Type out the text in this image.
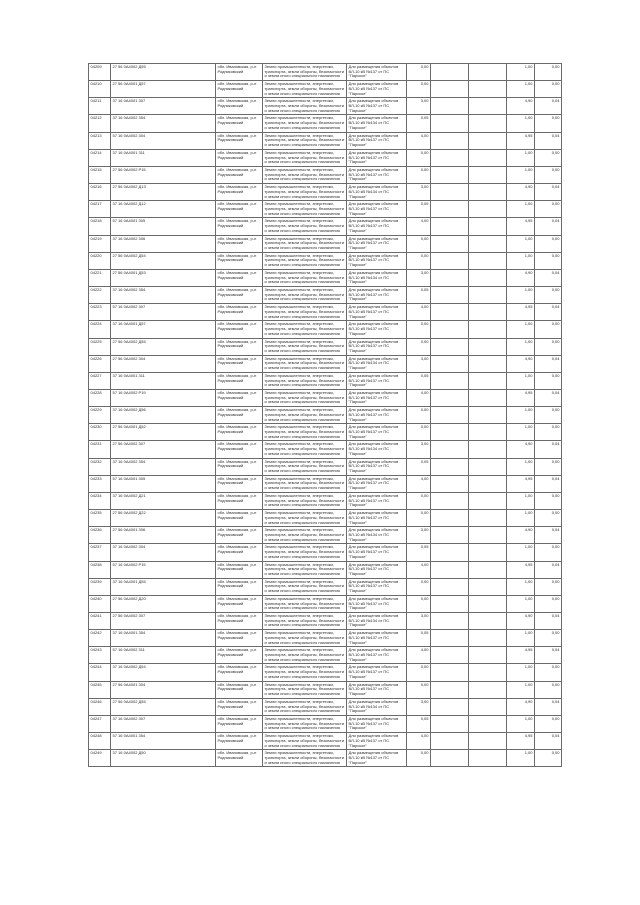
04209	27 56 0А4002 Д55	обл. Ивановская, р-н Родниковский	Земли промышленности, энергетики, транспорта, земли обороны, безопасности и земли иного специального назначения	Для размещения объектов ВЛ-10 кВ №137 от ПС "Парское"	0,00			1,00	0,00
04210	27 56 0А4001 Д57	обл. Ивановская, р-н Родниковский	Земли промышленности, энергетики, транспорта, земли обороны, безопасности и земли иного специального назначения	Для размещения объектов ВЛ-10 кВ №137 от ПС "Парское"	0,00			1,00	0,00
04211	37 16 0А4001 307	обл. Ивановская, р-н Родниковский	Земли промышленности, энергетики, транспорта, земли обороны, безопасности и земли иного специального назначения	Для размещения объектов ВЛ-10 кВ №137 от ПС "Парское"	3,00			4,90	0,04
04212	37 16 0А4002 354	обл. Ивановская, р-н Родниковский	Земли промышленности, энергетики, транспорта, земли обороны, безопасности и земли иного специального назначения	Для размещения объектов ВЛ-10 кВ №134 от ПС "Парское"	0,05			1,00	0,00
04213	57 16 0А4002 304	обл. Ивановская, р-н Родниковский	Земли промышленности, энергетики, транспорта, земли обороны, безопасности и земли иного специального назначения	Для размещения объектов ВЛ-10 кВ №137 от ПС "Парское"	4,00			4,95	0,04
04214	37 16 0А4001 311	обл. Ивановская, р-н Родниковский	Земли промышленности, энергетики, транспорта, земли обороны, безопасности и земли иного специального назначения	Для размещения объектов ВЛ-10 кВ №137 от ПС "Парское"	0,00			1,00	0,00
04215	27 56 0А4002 Р15	обл. Ивановская, р-н Родниковский	Земли промышленности, энергетики, транспорта, земли обороны, безопасности и земли иного специального назначения	Для размещения объектов ВЛ-10 кВ №137 от ПС "Парское"	0,00			1,00	0,00
04216	27 56 0А4002 Д13	обл. Ивановская, р-н Родниковский	Земли промышленности, энергетики, транспорта, земли обороны, безопасности и земли иного специального назначения	Для размещения объектов ВЛ-10 кВ №134 от ПС "Парское"	3,00			4,90	0,04
04217	37 16 0А4002 Д12	обл. Ивановская, р-н Родниковский	Земли промышленности, энергетики, транспорта, земли обороны, безопасности и земли иного специального назначения	Для размещения объектов ВЛ-10 кВ №137 от ПС "Парское"	0,05			1,00	0,00
04218	57 16 0А4001 305	обл. Ивановская, р-н Родниковский	Земли промышленности, энергетики, транспорта, земли обороны, безопасности и земли иного специального назначения	Для размещения объектов ВЛ-10 кВ №137 от ПС "Парское"	4,00			4,95	0,04
04219	37 16 0А4002 306	обл. Ивановская, р-н Родниковский	Земли промышленности, энергетики, транспорта, земли обороны, безопасности и земли иного специального назначения	Для размещения объектов ВЛ-10 кВ №137 от ПС "Парское"	0,00			1,00	0,00
04220	27 56 0А4002 Д54	обл. Ивановская, р-н Родниковский	Земли промышленности, энергетики, транспорта, земли обороны, безопасности и земли иного специального назначения	Для размещения объектов ВЛ-10 кВ №137 от ПС "Парское"	0,00			1,00	0,00
04221	27 56 0А4001 Д53	обл. Ивановская, р-н Родниковский	Земли промышленности, энергетики, транспорта, земли обороны, безопасности и земли иного специального назначения	Для размещения объектов ВЛ-10 кВ №134 от ПС "Парское"	3,00			4,90	0,04
04222	37 16 0А4002 354	обл. Ивановская, р-н Родниковский	Земли промышленности, энергетики, транспорта, земли обороны, безопасности и земли иного специального назначения	Для размещения объектов ВЛ-10 кВ №137 от ПС "Парское"	0,05			1,00	0,00
04223	57 16 0А4002 307	обл. Ивановская, р-н Родниковский	Земли промышленности, энергетики, транспорта, земли обороны, безопасности и земли иного специального назначения	Для размещения объектов ВЛ-10 кВ №137 от ПС "Парское"	4,00			4,95	0,04
04224	37 16 0А4001 Д57	обл. Ивановская, р-н Родниковский	Земли промышленности, энергетики, транспорта, земли обороны, безопасности и земли иного специального назначения	Для размещения объектов ВЛ-10 кВ №137 от ПС "Парское"	0,00			1,00	0,00
04225	27 56 0А4002 Д55	обл. Ивановская, р-н Родниковский	Земли промышленности, энергетики, транспорта, земли обороны, безопасности и земли иного специального назначения	Для размещения объектов ВЛ-10 кВ №137 от ПС "Парское"	0,00			1,00	0,00
04226	27 56 0А4002 304	обл. Ивановская, р-н Родниковский	Земли промышленности, энергетики, транспорта, земли обороны, безопасности и земли иного специального назначения	Для размещения объектов ВЛ-10 кВ №134 от ПС "Парское"	3,00			4,90	0,04
04227	37 16 0А4001 311	обл. Ивановская, р-н Родниковский	Земли промышленности, энергетики, транспорта, земли обороны, безопасности и земли иного специального назначения	Для размещения объектов ВЛ-10 кВ №137 от ПС "Парское"	0,05			1,00	0,00
04228	57 16 0А4002 Р19	обл. Ивановская, р-н Родниковский	Земли промышленности, энергетики, транспорта, земли обороны, безопасности и земли иного специального назначения	Для размещения объектов ВЛ-10 кВ №137 от ПС "Парское"	4,00			4,95	0,04
04229	37 16 0А4002 Д56	обл. Ивановская, р-н Родниковский	Земли промышленности, энергетики, транспорта, земли обороны, безопасности и земли иного специального назначения	Для размещения объектов ВЛ-10 кВ №137 от ПС "Парское"	0,00			1,00	0,00
04230	27 56 0А4001 Д52	обл. Ивановская, р-н Родниковский	Земли промышленности, энергетики, транспорта, земли обороны, безопасности и земли иного специального назначения	Для размещения объектов ВЛ-10 кВ №137 от ПС "Парское"	0,00			1,00	0,00
04231	27 56 0А4002 307	обл. Ивановская, р-н Родниковский	Земли промышленности, энергетики, транспорта, земли обороны, безопасности и земли иного специального назначения	Для размещения объектов ВЛ-10 кВ №134 от ПС "Парское"	3,00			4,90	0,04
04232	37 16 0А4002 354	обл. Ивановская, р-н Родниковский	Земли промышленности, энергетики, транспорта, земли обороны, безопасности и земли иного специального назначения	Для размещения объектов ВЛ-10 кВ №137 от ПС "Парское"	0,05			1,00	0,00
04233	57 16 0А4001 305	обл. Ивановская, р-н Родниковский	Земли промышленности, энергетики, транспорта, земли обороны, безопасности и земли иного специального назначения	Для размещения объектов ВЛ-10 кВ №137 от ПС "Парское"	4,00			4,95	0,04
04234	37 16 0А4002 Д21	обл. Ивановская, р-н Родниковский	Земли промышленности, энергетики, транспорта, земли обороны, безопасности и земли иного специального назначения	Для размещения объектов ВЛ-10 кВ №137 от ПС "Парское"	0,00			1,00	0,00
04235	27 56 0А4002 Д22	обл. Ивановская, р-н Родниковский	Земли промышленности, энергетики, транспорта, земли обороны, безопасности и земли иного специального назначения	Для размещения объектов ВЛ-10 кВ №137 от ПС "Парское"	0,00			1,00	0,00
04236	27 56 0А4001 306	обл. Ивановская, р-н Родниковский	Земли промышленности, энергетики, транспорта, земли обороны, безопасности и земли иного специального назначения	Для размещения объектов ВЛ-10 кВ №134 от ПС "Парское"	3,00			4,90	0,04
04237	37 16 0А4002 304	обл. Ивановская, р-н Родниковский	Земли промышленности, энергетики, транспорта, земли обороны, безопасности и земли иного специального назначения	Для размещения объектов ВЛ-10 кВ №137 от ПС "Парское"	0,05			1,00	0,00
04238	57 16 0А4002 Р15	обл. Ивановская, р-н Родниковский	Земли промышленности, энергетики, транспорта, земли обороны, безопасности и земли иного специального назначения	Для размещения объектов ВЛ-10 кВ №137 от ПС "Парское"	4,00			4,95	0,04
04239	37 16 0А4001 Д55	обл. Ивановская, р-н Родниковский	Земли промышленности, энергетики, транспорта, земли обороны, безопасности и земли иного специального назначения	Для размещения объектов ВЛ-10 кВ №137 от ПС "Парское"	0,00			1,00	0,00
04240	27 56 0А4002 Д20	обл. Ивановская, р-н Родниковский	Земли промышленности, энергетики, транспорта, земли обороны, безопасности и земли иного специального назначения	Для размещения объектов ВЛ-10 кВ №137 от ПС "Парское"	0,00			1,00	0,00
04241	27 56 0А4002 307	обл. Ивановская, р-н Родниковский	Земли промышленности, энергетики, транспорта, земли обороны, безопасности и земли иного специального назначения	Для размещения объектов ВЛ-10 кВ №134 от ПС "Парское"	3,00			4,90	0,04
04242	37 16 0А4001 354	обл. Ивановская, р-н Родниковский	Земли промышленности, энергетики, транспорта, земли обороны, безопасности и земли иного специального назначения	Для размещения объектов ВЛ-10 кВ №137 от ПС "Парское"	0,05			1,00	0,00
04243	57 16 0А4002 311	обл. Ивановская, р-н Родниковский	Земли промышленности, энергетики, транспорта, земли обороны, безопасности и земли иного специального назначения	Для размещения объектов ВЛ-10 кВ №137 от ПС "Парское"	4,00			4,95	0,04
04244	37 16 0А4002 Д54	обл. Ивановская, р-н Родниковский	Земли промышленности, энергетики, транспорта, земли обороны, безопасности и земли иного специального назначения	Для размещения объектов ВЛ-10 кВ №137 от ПС "Парское"	0,00			1,00	0,00
04245	27 56 0А4001 304	обл. Ивановская, р-н Родниковский	Земли промышленности, энергетики, транспорта, земли обороны, безопасности и земли иного специального назначения	Для размещения объектов ВЛ-10 кВ №137 от ПС "Парское"	0,00			1,00	0,00
04246	27 56 0А4002 Д55	обл. Ивановская, р-н Родниковский	Земли промышленности, энергетики, транспорта, земли обороны, безопасности и земли иного специального назначения	Для размещения объектов ВЛ-10 кВ №134 от ПС "Парское"	3,00			4,90	0,04
04247	37 16 0А4002 307	обл. Ивановская, р-н Родниковский	Земли промышленности, энергетики, транспорта, земли обороны, безопасности и земли иного специального назначения	Для размещения объектов ВЛ-10 кВ №137 от ПС "Парское"	0,05			1,00	0,00
04248	57 16 0А4001 354	обл. Ивановская, р-н Родниковский	Земли промышленности, энергетики, транспорта, земли обороны, безопасности и земли иного специального назначения	Для размещения объектов ВЛ-10 кВ №137 от ПС "Парское"	4,00			4,95	0,04
04249	37 16 0А4002 Д50	обл. Ивановская, р-н Родниковский	Земли промышленности, энергетики, транспорта, земли обороны, безопасности и земли иного специального назначения	Для размещения объектов ВЛ-10 кВ №137 от ПС "Парское"	0,00			1,00	0,00
